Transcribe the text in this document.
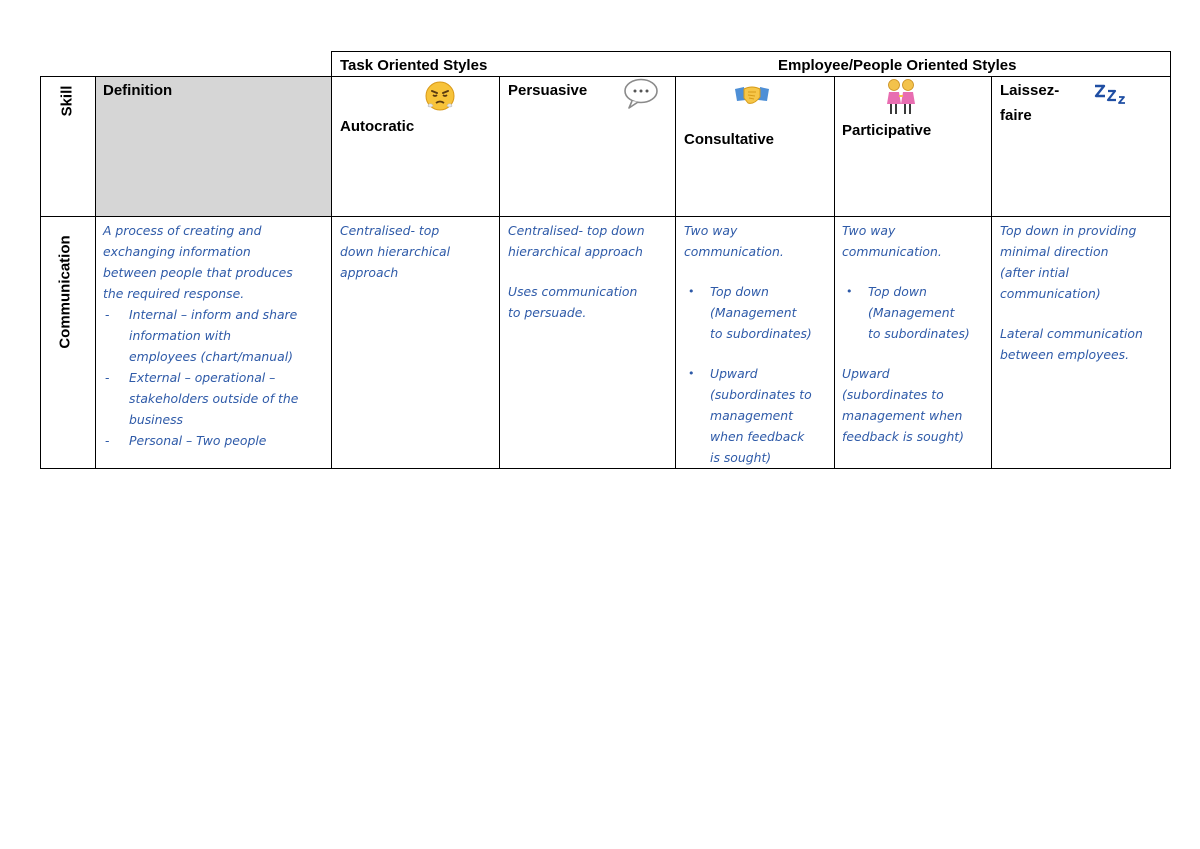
Task Oriented Styles	Employee/People Oriented Styles
Skill Definition
Autocratic
Persuasive
Consultative
Participative
Laissez-
faire
Communication

A process of creating and
exchanging information
between people that produces
the required response.

- Internal – inform and share
information with
employees (chart/manual)
- External – operational –
stakeholders outside of the
business
- Personal – Two people

Centralised- top
down hierarchical
approach

Centralised- top down
hierarchical approach

Uses communication
to persuade.

Two way
communication.

• Top down
(Management
to subordinates)
• Upward
(subordinates to
management
when feedback
is sought)

Two way
communication.

• Top down
(Management
to subordinates)

Upward
(subordinates to
management when
feedback is sought)

Top down in providing
minimal direction
(after intial
communication)

Lateral communication
between employees.
